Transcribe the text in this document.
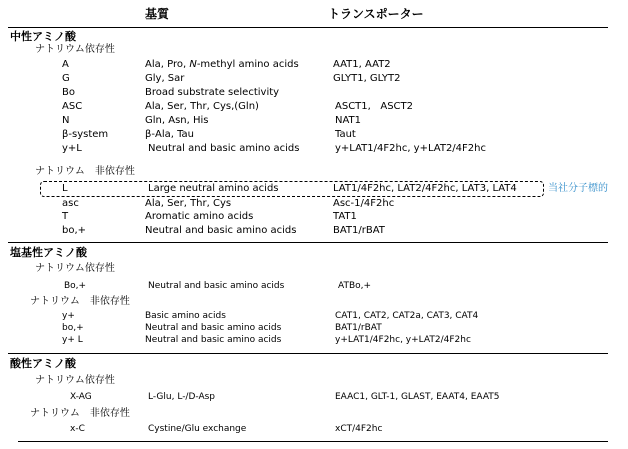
基質	トランスポーター
中性アミノ酸
ナトリウム依存性
A	Ala, Pro, N-methyl amino acids	AAT1, AAT2
G	Gly, Sar	GLYT1, GLYT2
Bo	Broad substrate selectivity
ASC	Ala, Ser, Thr, Cys,(Gln)	ASCT1,   ASCT2
N	Gln, Asn, His	NAT1
β-system	β-Ala, Tau	Taut
y+L	Neutral and basic amino acids	y+LAT1/4F2hc, y+LAT2/4F2hc
ナトリウム　非依存性
L	Large neutral amino acids	LAT1/4F2hc, LAT2/4F2hc, LAT3, LAT4	当社分子標的
asc	Ala, Ser, Thr, Cys	Asc-1/4F2hc
T	Aromatic amino acids	TAT1
bo,+	Neutral and basic amino acids	BAT1/rBAT
塩基性アミノ酸
ナトリウム依存性
Bo,+	Neutral and basic amino acids	ATBo,+
ナトリウム　非依存性
y+	Basic amino acids	CAT1, CAT2, CAT2a, CAT3, CAT4
bo,+	Neutral and basic amino acids	BAT1/rBAT
y+ L	Neutral and basic amino acids	y+LAT1/4F2hc, y+LAT2/4F2hc
酸性アミノ酸
ナトリウム依存性
X-AG	L-Glu, L-/D-Asp	EAAC1, GLT-1, GLAST, EAAT4, EAAT5
ナトリウム　非依存性
x-C	Cystine/Glu exchange	xCT/4F2hc
